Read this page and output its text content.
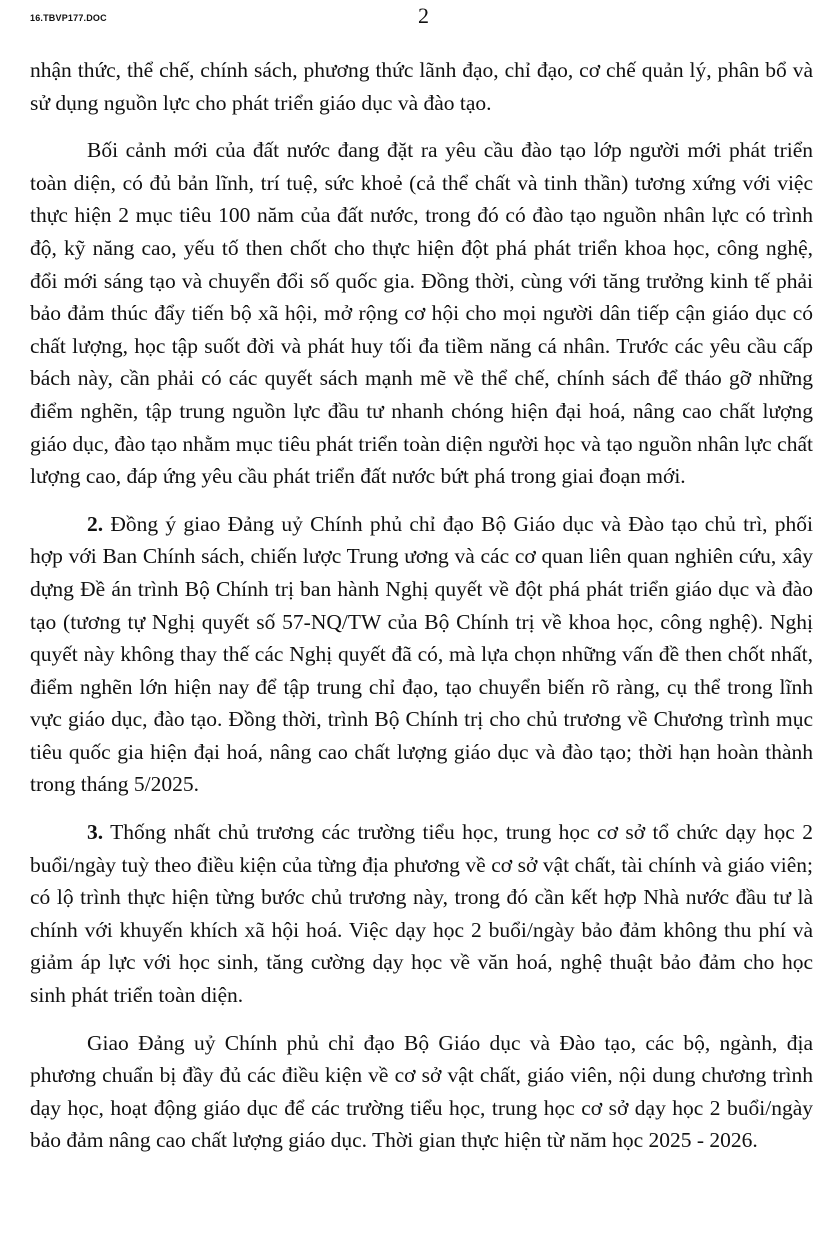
16.TBVP177.DOC	2

nhận thức, thể chế, chính sách, phương thức lãnh đạo, chỉ đạo, cơ chế quản lý, phân bổ và sử dụng nguồn lực cho phát triển giáo dục và đào tạo.

Bối cảnh mới của đất nước đang đặt ra yêu cầu đào tạo lớp người mới phát triển toàn diện, có đủ bản lĩnh, trí tuệ, sức khoẻ (cả thể chất và tinh thần) tương xứng với việc thực hiện 2 mục tiêu 100 năm của đất nước, trong đó có đào tạo nguồn nhân lực có trình độ, kỹ năng cao, yếu tố then chốt cho thực hiện đột phá phát triển khoa học, công nghệ, đổi mới sáng tạo và chuyển đổi số quốc gia. Đồng thời, cùng với tăng trưởng kinh tế phải bảo đảm thúc đẩy tiến bộ xã hội, mở rộng cơ hội cho mọi người dân tiếp cận giáo dục có chất lượng, học tập suốt đời và phát huy tối đa tiềm năng cá nhân. Trước các yêu cầu cấp bách này, cần phải có các quyết sách mạnh mẽ về thể chế, chính sách để tháo gỡ những điểm nghẽn, tập trung nguồn lực đầu tư nhanh chóng hiện đại hoá, nâng cao chất lượng giáo dục, đào tạo nhằm mục tiêu phát triển toàn diện người học và tạo nguồn nhân lực chất lượng cao, đáp ứng yêu cầu phát triển đất nước bứt phá trong giai đoạn mới.

2. Đồng ý giao Đảng uỷ Chính phủ chỉ đạo Bộ Giáo dục và Đào tạo chủ trì, phối hợp với Ban Chính sách, chiến lược Trung ương và các cơ quan liên quan nghiên cứu, xây dựng Đề án trình Bộ Chính trị ban hành Nghị quyết về đột phá phát triển giáo dục và đào tạo (tương tự Nghị quyết số 57-NQ/TW của Bộ Chính trị về khoa học, công nghệ). Nghị quyết này không thay thế các Nghị quyết đã có, mà lựa chọn những vấn đề then chốt nhất, điểm nghẽn lớn hiện nay để tập trung chỉ đạo, tạo chuyển biến rõ ràng, cụ thể trong lĩnh vực giáo dục, đào tạo. Đồng thời, trình Bộ Chính trị cho chủ trương về Chương trình mục tiêu quốc gia hiện đại hoá, nâng cao chất lượng giáo dục và đào tạo; thời hạn hoàn thành trong tháng 5/2025.

3. Thống nhất chủ trương các trường tiểu học, trung học cơ sở tổ chức dạy học 2 buổi/ngày tuỳ theo điều kiện của từng địa phương về cơ sở vật chất, tài chính và giáo viên; có lộ trình thực hiện từng bước chủ trương này, trong đó cần kết hợp Nhà nước đầu tư là chính với khuyến khích xã hội hoá. Việc dạy học 2 buổi/ngày bảo đảm không thu phí và giảm áp lực với học sinh, tăng cường dạy học về văn hoá, nghệ thuật bảo đảm cho học sinh phát triển toàn diện.

Giao Đảng uỷ Chính phủ chỉ đạo Bộ Giáo dục và Đào tạo, các bộ, ngành, địa phương chuẩn bị đầy đủ các điều kiện về cơ sở vật chất, giáo viên, nội dung chương trình dạy học, hoạt động giáo dục để các trường tiểu học, trung học cơ sở dạy học 2 buổi/ngày bảo đảm nâng cao chất lượng giáo dục. Thời gian thực hiện từ năm học 2025 - 2026.
